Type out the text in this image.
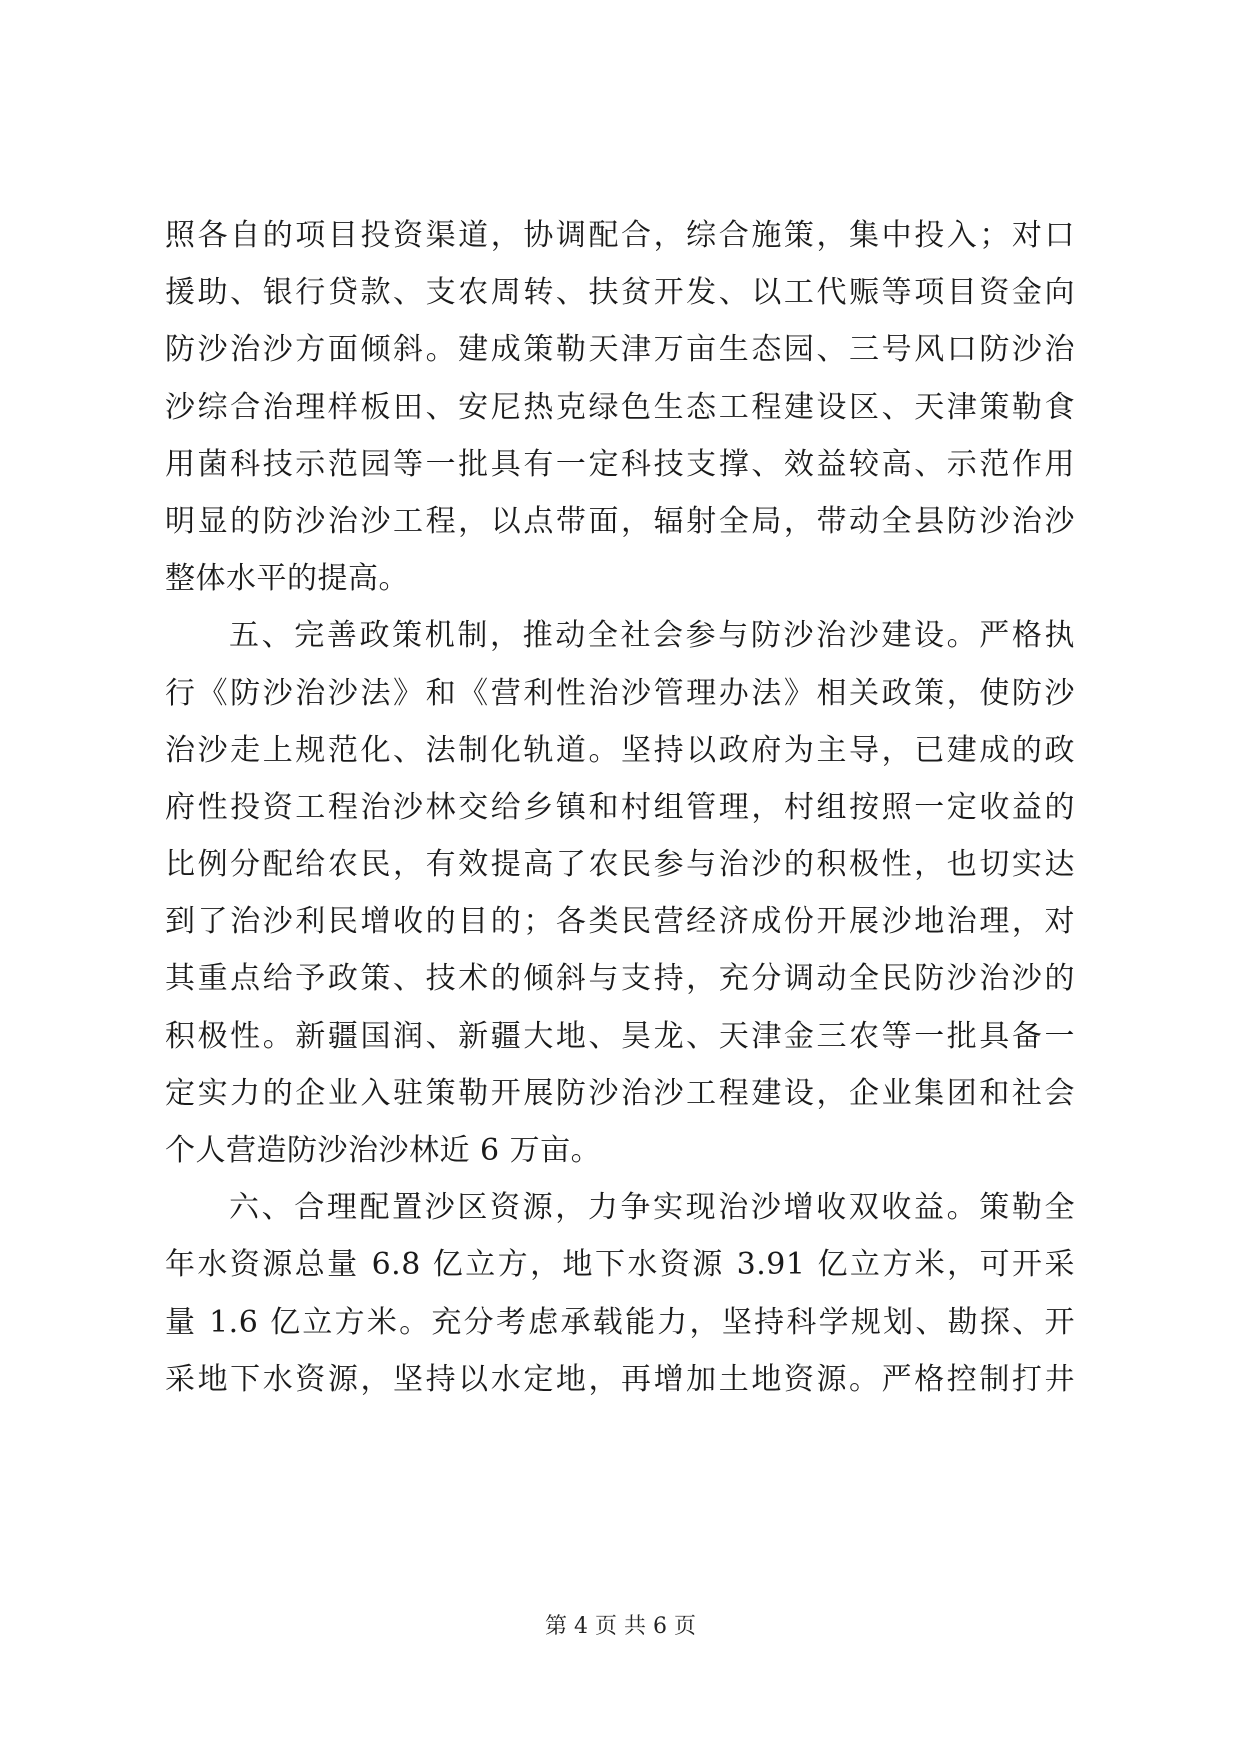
照各自的项目投资渠道，协调配合，综合施策，集中投入；对口
援助、银行贷款、支农周转、扶贫开发、以工代赈等项目资金向
防沙治沙方面倾斜。建成策勒天津万亩生态园、三号风口防沙治
沙综合治理样板田、安尼热克绿色生态工程建设区、天津策勒食
用菌科技示范园等一批具有一定科技支撑、效益较高、示范作用
明显的防沙治沙工程，以点带面，辐射全局，带动全县防沙治沙
整体水平的提高。
五、完善政策机制，推动全社会参与防沙治沙建设。严格执
行《防沙治沙法》和《营利性治沙管理办法》相关政策，使防沙
治沙走上规范化、法制化轨道。坚持以政府为主导，已建成的政
府性投资工程治沙林交给乡镇和村组管理，村组按照一定收益的
比例分配给农民，有效提高了农民参与治沙的积极性，也切实达
到了治沙利民增收的目的；各类民营经济成份开展沙地治理，对
其重点给予政策、技术的倾斜与支持，充分调动全民防沙治沙的
积极性。新疆国润、新疆大地、昊龙、天津金三农等一批具备一
定实力的企业入驻策勒开展防沙治沙工程建设，企业集团和社会
个人营造防沙治沙林近 6 万亩。
六、合理配置沙区资源，力争实现治沙增收双收益。策勒全
年水资源总量 6.8 亿立方，地下水资源 3.91 亿立方米，可开采
量 1.6 亿立方米。充分考虑承载能力，坚持科学规划、勘探、开
采地下水资源，坚持以水定地，再增加土地资源。严格控制打井
第 4 页 共 6 页
